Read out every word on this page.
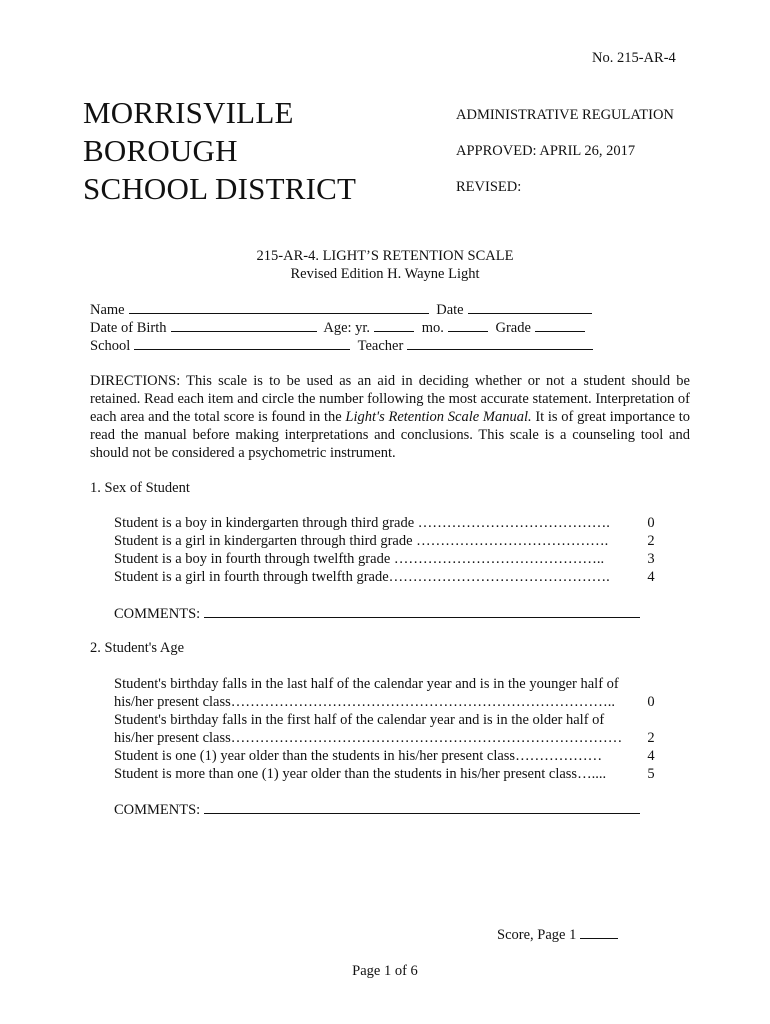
No. 215-AR-4
MORRISVILLE
BOROUGH
SCHOOL DISTRICT
ADMINISTRATIVE REGULATION
APPROVED: APRIL 26, 2017
REVISED:
215-AR-4. LIGHT’S RETENTION SCALE
Revised Edition H. Wayne Light
Name	Date
Date of Birth	Age: yr.	mo.	Grade
School	Teacher
DIRECTIONS: This scale is to be used as an aid in deciding whether or not a student should be retained. Read each item and circle the number following the most accurate statement. Interpretation of each area and the total score is found in the Light's Retention Scale Manual. It is of great importance to read the manual before making interpretations and conclusions. This scale is a counseling tool and should not be considered a psychometric instrument.
1. Sex of Student
Student is a boy in kindergarten through third grade ………………………………….	0
Student is a girl in kindergarten through third grade ………………………………….	2
Student is a boy in fourth through twelfth grade ……………………………………..	3
Student is a girl in fourth through twelfth grade……………………………………….	4
COMMENTS:
2. Student's Age
Student's birthday falls in the last half of the calendar year and is in the younger half of
his/her present class…………………………………………………………………….. 0
Student's birthday falls in the first half of the calendar year and is in the older half of
his/her present class……………………………………………………………………… 2
Student is one (1) year older than the students in his/her present class………………	4
Student is more than one (1) year older than the students in his/her present class…....	5
COMMENTS:
Score, Page 1
Page 1 of 6
